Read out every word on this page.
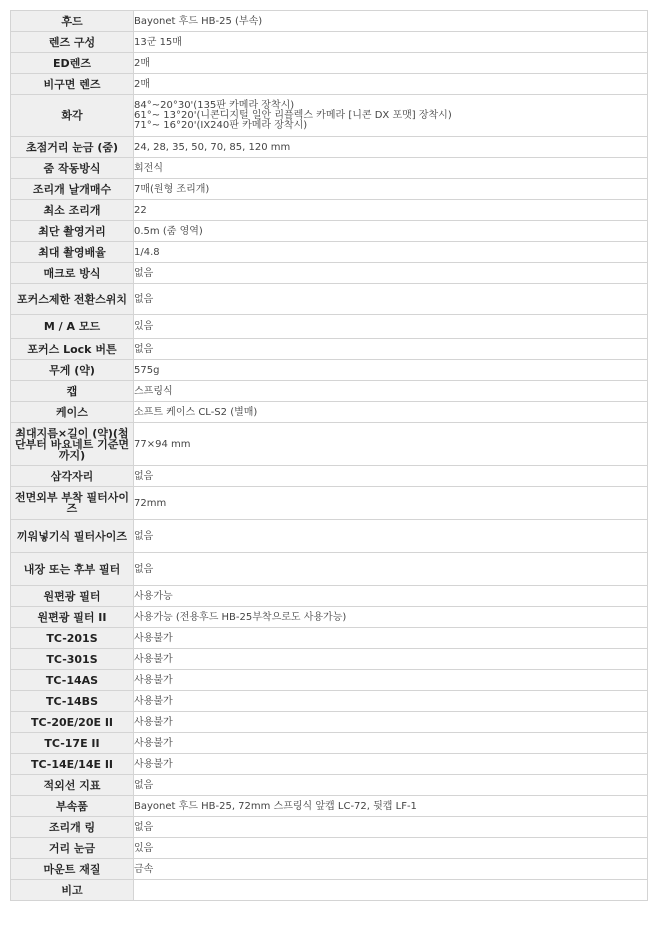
후드	Bayonet 후드 HB-25 (부속)
렌즈 구성	13군 15매
ED렌즈	2매
비구면 렌즈	2매
화각	84°~20°30'(135판 카메라 장착시)
61°~ 13°20'(니콘디지털 일안 리플렉스 카메라 [니콘 DX 포맷] 장착시)
71°~ 16°20'(IX240판 카메라 장착시)

초점거리 눈금 (줌)	24, 28, 35, 50, 70, 85, 120 mm
줌 작동방식	회전식
조리개 날개매수	7매(원형 조리개)
최소 조리개	22
최단 촬영거리	0.5m (줌 영역)
최대 촬영배율	1/4.8
매크로 방식	없음
포커스제한 전환스위치	없음
M / A 모드	있음
포커스 Lock 버튼	없음
무게 (약)	575g
캡	스프링식
케이스	소프트 케이스 CL-S2 (별매)
최대지름×길이 (약)(첨단부터 바요네트 기준면까지)	77×94 mm
삼각자리	없음
전면외부 부착 필터사이즈	72mm
끼워넣기식 필터사이즈	없음
내장 또는 후부 필터	없음
원편광 필터	사용가능
원편광 필터 II	사용가능 (전용후드 HB-25부착으로도 사용가능)
TC-201S	사용불가
TC-301S	사용불가
TC-14AS	사용불가
TC-14BS	사용불가
TC-20E/20E II	사용불가
TC-17E II	사용불가
TC-14E/14E II	사용불가
적외선 지표	없음
부속품	Bayonet 후드 HB-25, 72mm 스프링식 앞캡 LC-72, 뒷캡 LF-1
조리개 링	없음
거리 눈금	있음
마운트 재질	금속
비고	
